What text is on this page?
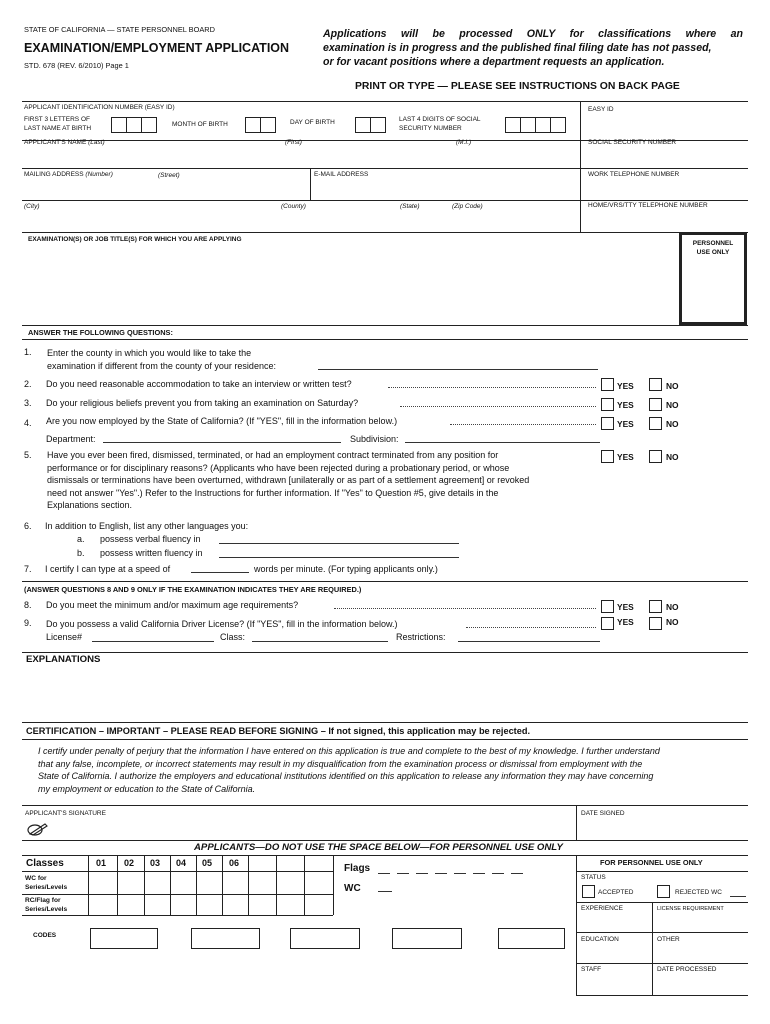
STATE OF CALIFORNIA — STATE PERSONNEL BOARD
EXAMINATION/EMPLOYMENT APPLICATION
STD. 678 (REV. 6/2010) Page 1
Applications will be processed ONLY for classifications where an
examination is in progress and the published final filing date has not passed,
or for vacant positions where a department requests an application.
PRINT OR TYPE — PLEASE SEE INSTRUCTIONS ON BACK PAGE
APPLICANT IDENTIFICATION NUMBER (EASY ID)
FIRST 3 LETTERS OF
LAST NAME AT BIRTH
MONTH OF BIRTH	DAY OF BIRTH	LAST 4 DIGITS OF SOCIAL
SECURITY NUMBER
EASY ID
APPLICANT'S NAME (Last)	(First)	(M.I.)	SOCIAL SECURITY NUMBER
MAILING ADDRESS (Number)	(Street)	E-MAIL ADDRESS	WORK TELEPHONE NUMBER
(City)	(County)	(State)	(Zip Code)	HOME/VRS/TTY TELEPHONE NUMBER
EXAMINATION(S) OR JOB TITLE(S) FOR WHICH YOU ARE APPLYING
PERSONNEL
USE ONLY
ANSWER THE FOLLOWING QUESTIONS:
1. Enter the county in which you would like to take the
examination if different from the county of your residence:
2. Do you need reasonable accommodation to take an interview or written test?	YES	NO
3. Do your religious beliefs prevent you from taking an examination on Saturday?	YES	NO
4. Are you now employed by the State of California? (If "YES", fill in the information below.)	YES	NO
Department:	Subdivision:
5. Have you ever been fired, dismissed, terminated, or had an employment contract terminated from any position for
performance or for disciplinary reasons? (Applicants who have been rejected during a probationary period, or whose
dismissals or terminations have been overturned, withdrawn [unilaterally or as part of a settlement agreement] or revoked
need not answer "Yes".) Refer to the Instructions for further information. If "Yes" to Question #5, give details in the
Explanations section.
YES	NO
6. In addition to English, list any other languages you:
a. possess verbal fluency in
b. possess written fluency in
7. I certify I can type at a speed of	words per minute. (For typing applicants only.)
(ANSWER QUESTIONS 8 AND 9 ONLY IF THE EXAMINATION INDICATES THEY ARE REQUIRED.)
8. Do you meet the minimum and/or maximum age requirements?	YES	NO
9. Do you possess a valid California Driver License? (If "YES", fill in the information below.)	YES	NO
License#	Class:	Restrictions:
EXPLANATIONS
CERTIFICATION – IMPORTANT – PLEASE READ BEFORE SIGNING – If not signed, this application may be rejected.
I certify under penalty of perjury that the information I have entered on this application is true and complete to the best of my knowledge. I further understand
that any false, incomplete, or incorrect statements may result in my disqualification from the examination process or dismissal from employment with the
State of California. I authorize the employers and educational institutions identified on this application to release any information they may have concerning
my employment or education to the State of California.
APPLICANT'S SIGNATURE	DATE SIGNED
APPLICANTS—DO NOT USE THE SPACE BELOW—FOR PERSONNEL USE ONLY
Classes	01 02 03 04 05 06
WC for
Series/Levels
RC/Flag for
Series/Levels
Flags
WC
CODES
FOR PERSONNEL USE ONLY
STATUS
ACCEPTED	REJECTED WC
EXPERIENCE	LICENSE REQUIREMENT
EDUCATION	OTHER
STAFF	DATE PROCESSED
